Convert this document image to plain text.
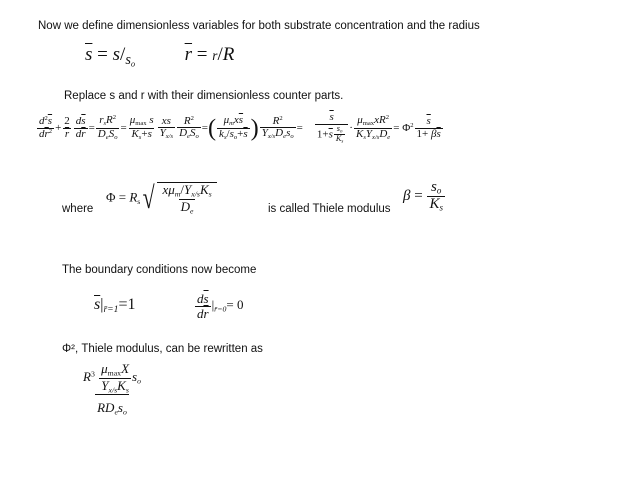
Now we define dimensionless variables for both substrate concentration and the radius
$\overline{s} = s/_{s_o}$	$\overline{r} = r/R$
Replace s and r with their dimensionless counter parts.
$\frac{d^2\overline{s}}{d\overline{r}^2} + \frac{2}{r} \frac{d\overline{s}}{d\overline{r}} = \frac{r_sR^2}{D_eS_o} = \frac{\mu_{max} s}{K_s+s} \frac{xs}{Y_{x/s}} \frac{R^2}{D_eS_o}$ =( $\frac{\mu_mx\overline{s}}{k_s/s_o+\overline{s}}$ ) $\frac{R^2}{Y_{x/s}D_es_o} = \frac{\overline{s}}{1+\overline{s} \frac{s_o}{K_s}} \cdot \frac{\mu_{max}xR^2}{K_sY_{x/s}D_e} = \Phi^2 \frac{\overline{s}}{1+ \beta\overline{s}}$
where
$\Phi = R_s$ √ $\frac{x\mu_m/Y_{x/s}K_s}{D_e}$	is called Thiele modulus
$\beta = \frac{s_o}{K_s}$
The boundary conditions now become
$\overline{s}|_{r̄=1}=1$	$\frac{d\overline{s}}{d\overline{r}} |_{r̄=0}= 0$
Φ², Thiele modulus, can be rewritten as
$\frac{R^3 \frac{\mu_{max}X}{Y_{x/s}K_s} s_o}{RD_es_o}$
